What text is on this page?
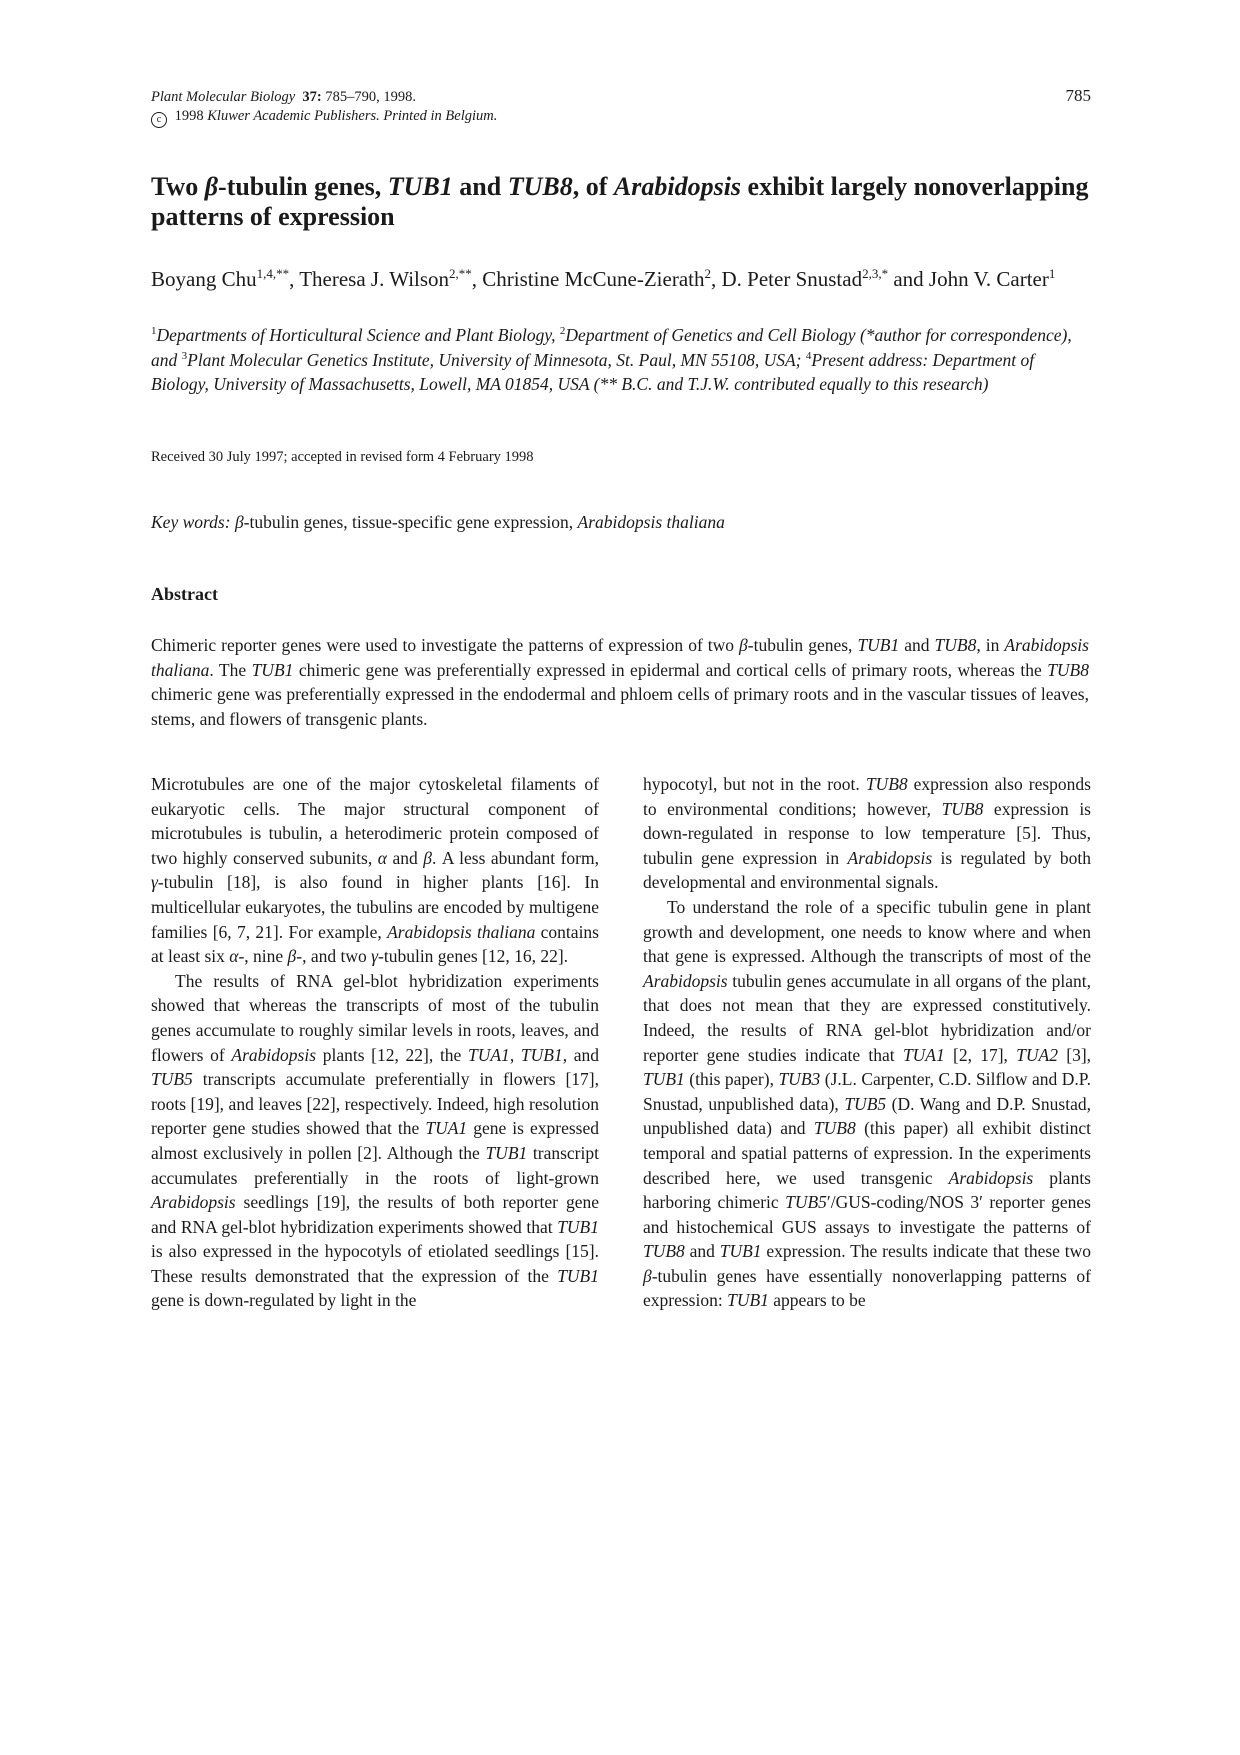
Plant Molecular Biology 37: 785–790, 1998.
c 1998 Kluwer Academic Publishers. Printed in Belgium.
785
Two β-tubulin genes, TUB1 and TUB8, of Arabidopsis exhibit largely nonoverlapping patterns of expression

Boyang Chu$^{1,4,**}$, Theresa J. Wilson$^{2,**}$, Christine McCune-Zierath$^2$, D. Peter Snustad$^{2,3,*}$ and John V. Carter$^1$

$^1$Departments of Horticultural Science and Plant Biology, $^2$Department of Genetics and Cell Biology (*author for correspondence), and $^3$Plant Molecular Genetics Institute, University of Minnesota, St. Paul, MN 55108, USA; $^4$Present address: Department of Biology, University of Massachusetts, Lowell, MA 01854, USA (** B.C. and T.J.W. contributed equally to this research)

Received 30 July 1997; accepted in revised form 4 February 1998
Key words: β-tubulin genes, tissue-specific gene expression, Arabidopsis thaliana
Abstract

Chimeric reporter genes were used to investigate the patterns of expression of two β-tubulin genes, TUB1 and TUB8, in Arabidopsis thaliana. The TUB1 chimeric gene was preferentially expressed in epidermal and cortical cells of primary roots, whereas the TUB8 chimeric gene was preferentially expressed in the endodermal and phloem cells of primary roots and in the vascular tissues of leaves, stems, and flowers of transgenic plants.

Microtubules are one of the major cytoskeletal filaments of eukaryotic cells. The major structural component of microtubules is tubulin, a heterodimeric protein composed of two highly conserved subunits, α and β. A less abundant form, γ-tubulin [18], is also found in higher plants [16]. In multicellular eukaryotes, the tubulins are encoded by multigene families [6, 7, 21]. For example, Arabidopsis thaliana contains at least six α-, nine β-, and two γ-tubulin genes [12, 16, 22].

The results of RNA gel-blot hybridization experiments showed that whereas the transcripts of most of the tubulin genes accumulate to roughly similar levels in roots, leaves, and flowers of Arabidopsis plants [12, 22], the TUA1, TUB1, and TUB5 transcripts accumulate preferentially in flowers [17], roots [19], and leaves [22], respectively. Indeed, high resolution reporter gene studies showed that the TUA1 gene is expressed almost exclusively in pollen [2]. Although the TUB1 transcript accumulates preferentially in the roots of light-grown Arabidopsis seedlings [19], the results of both reporter gene and RNA gel-blot hybridization experiments showed that TUB1 is also expressed in the hypocotyls of etiolated seedlings [15]. These results demonstrated that the expression of the TUB1 gene is down-regulated by light in the

hypocotyl, but not in the root. TUB8 expression also responds to environmental conditions; however, TUB8 expression is down-regulated in response to low temperature [5]. Thus, tubulin gene expression in Arabidopsis is regulated by both developmental and environmental signals.

To understand the role of a specific tubulin gene in plant growth and development, one needs to know where and when that gene is expressed. Although the transcripts of most of the Arabidopsis tubulin genes accumulate in all organs of the plant, that does not mean that they are expressed constitutively. Indeed, the results of RNA gel-blot hybridization and/or reporter gene studies indicate that TUA1 [2, 17], TUA2 [3], TUB1 (this paper), TUB3 (J.L. Carpenter, C.D. Silflow and D.P. Snustad, unpublished data), TUB5 (D. Wang and D.P. Snustad, unpublished data) and TUB8 (this paper) all exhibit distinct temporal and spatial patterns of expression. In the experiments described here, we used transgenic Arabidopsis plants harboring chimeric TUB5′/GUS-coding/NOS 3′ reporter genes and histochemical GUS assays to investigate the patterns of TUB8 and TUB1 expression. The results indicate that these two β-tubulin genes have essentially nonoverlapping patterns of expression: TUB1 appears to be
